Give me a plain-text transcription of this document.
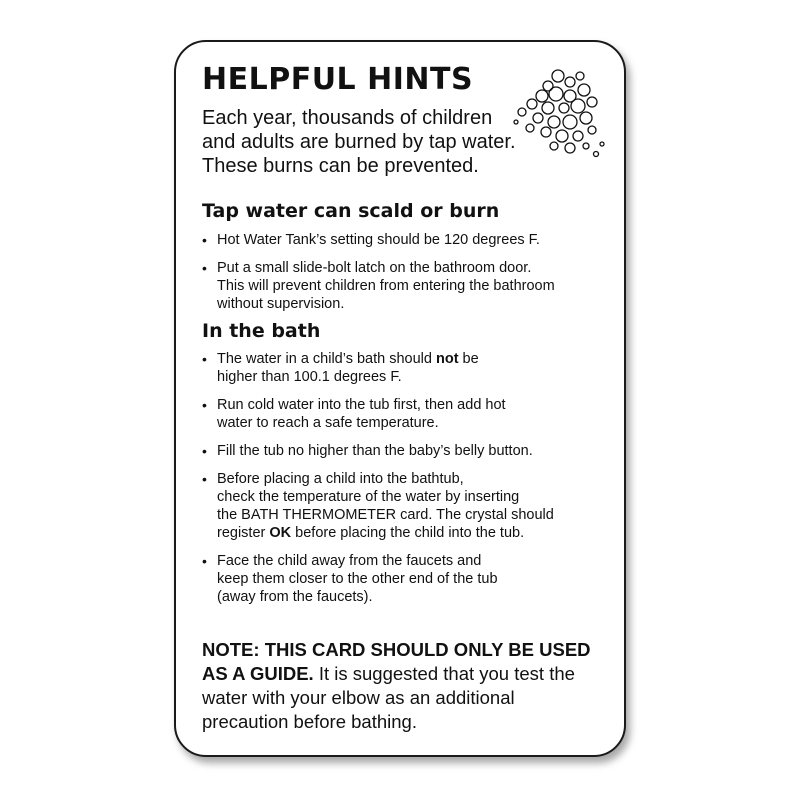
HELPFUL HINTS

Each year, thousands of children
and adults are burned by tap water.
These burns can be prevented.

Tap water can scald or burn
• Hot Water Tank’s setting should be 120 degrees F.
• Put a small slide-bolt latch on the bathroom door.
This will prevent children from entering the bathroom
without supervision.
In the bath
• The water in a child’s bath should not be
higher than 100.1 degrees F.
• Run cold water into the tub first, then add hot
water to reach a safe temperature.
• Fill the tub no higher than the baby’s belly button.
• Before placing a child into the bathtub,
check the temperature of the water by inserting
the BATH THERMOMETER card. The crystal should
register OK before placing the child into the tub.
• Face the child away from the faucets and
keep them closer to the other end of the tub
(away from the faucets).

NOTE: THIS CARD SHOULD ONLY BE USED
AS A GUIDE. It is suggested that you test the
water with your elbow as an additional
precaution before bathing.
